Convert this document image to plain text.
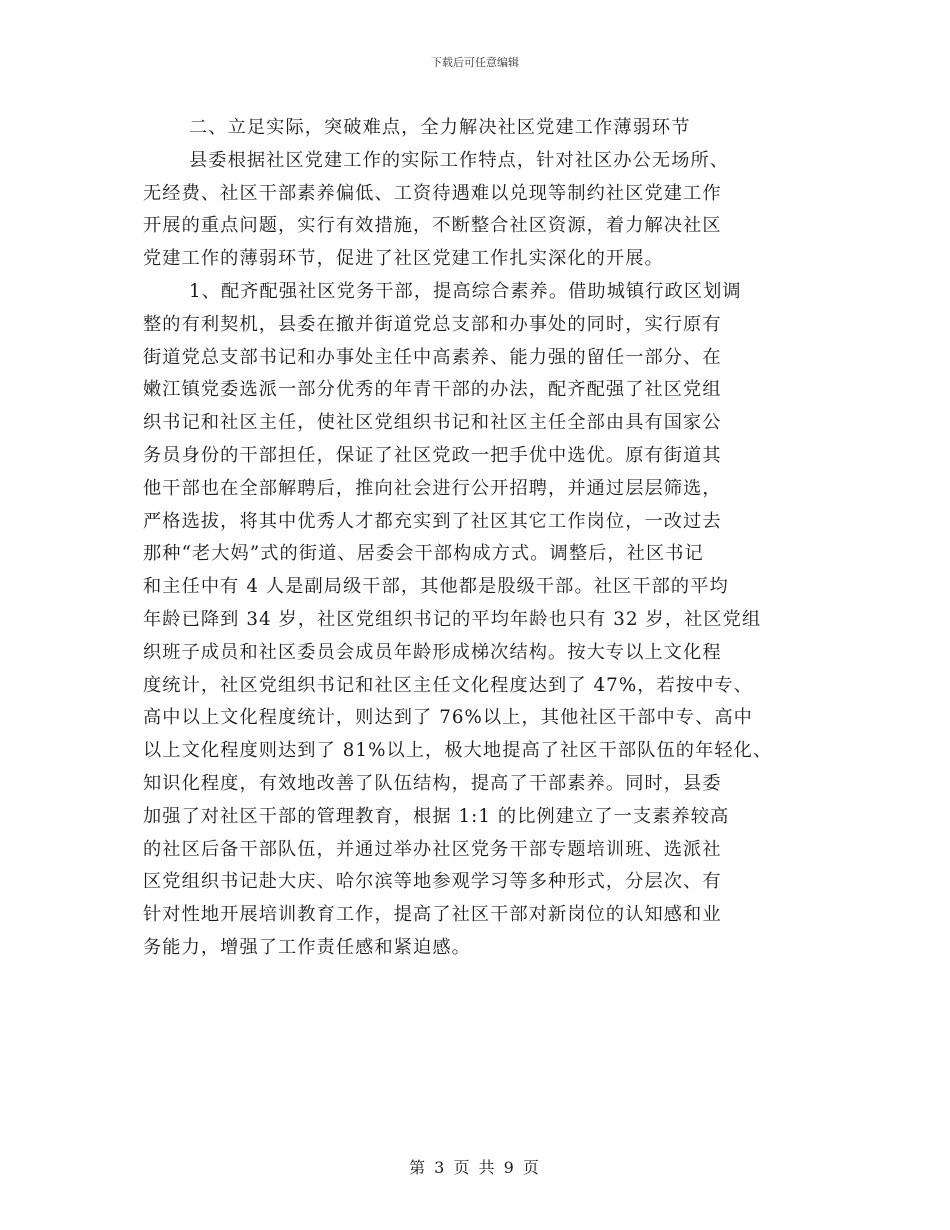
下载后可任意编辑
二、立足实际，突破难点，全力解决社区党建工作薄弱环节
县委根据社区党建工作的实际工作特点，针对社区办公无场所、
无经费、社区干部素养偏低、工资待遇难以兑现等制约社区党建工作
开展的重点问题，实行有效措施，不断整合社区资源，着力解决社区
党建工作的薄弱环节，促进了社区党建工作扎实深化的开展。
1、配齐配强社区党务干部，提高综合素养。借助城镇行政区划调
整的有利契机，县委在撤并街道党总支部和办事处的同时，实行原有
街道党总支部书记和办事处主任中高素养、能力强的留任一部分、在
嫩江镇党委选派一部分优秀的年青干部的办法，配齐配强了社区党组
织书记和社区主任，使社区党组织书记和社区主任全部由具有国家公
务员身份的干部担任，保证了社区党政一把手优中选优。原有街道其
他干部也在全部解聘后，推向社会进行公开招聘，并通过层层筛选，
严格选拔，将其中优秀人才都充实到了社区其它工作岗位，一改过去
那种“老大妈”式的街道、居委会干部构成方式。调整后，社区书记
和主任中有 4 人是副局级干部，其他都是股级干部。社区干部的平均
年龄已降到 34 岁，社区党组织书记的平均年龄也只有 32 岁，社区党组
织班子成员和社区委员会成员年龄形成梯次结构。按大专以上文化程
度统计，社区党组织书记和社区主任文化程度达到了 47%，若按中专、
高中以上文化程度统计，则达到了 76%以上，其他社区干部中专、高中
以上文化程度则达到了 81%以上，极大地提高了社区干部队伍的年轻化、
知识化程度，有效地改善了队伍结构，提高了干部素养。同时，县委
加强了对社区干部的管理教育，根据 1:1 的比例建立了一支素养较高
的社区后备干部队伍，并通过举办社区党务干部专题培训班、选派社
区党组织书记赴大庆、哈尔滨等地参观学习等多种形式，分层次、有
针对性地开展培训教育工作，提高了社区干部对新岗位的认知感和业
务能力，增强了工作责任感和紧迫感。
第 3 页 共 9 页
